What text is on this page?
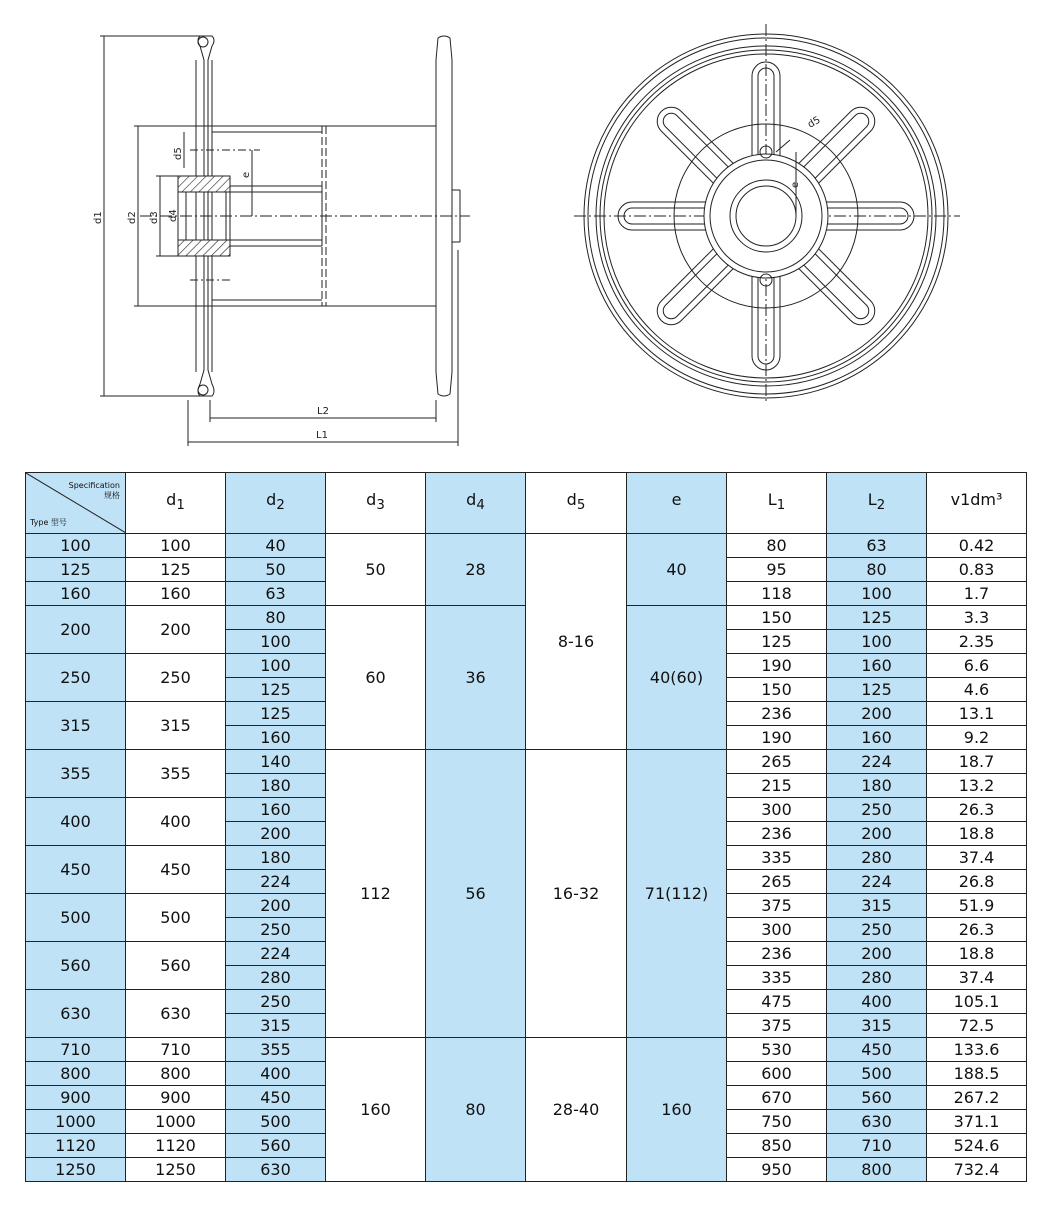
d1 d2 d3 d4
d5
e
L2
L1
d5
e
Specification
规格
Type 型号	$d_1$	$d_2$	$d_3$	$d_4$	$d_5$	e	$L_1$	$L_2$	v1dm³
100	100	40	50	28	8-16	40	80	63	0.42
125	125	50					95	80	0.83
160	160	63					118	100	1.7
200	200	80	60	36		40(60)	150	125	3.3
		100					125	100	2.35
250	250	100					190	160	6.6
		125					150	125	4.6
315	315	125					236	200	13.1
		160					190	160	9.2
355	355	140	112	56	16-32	71(112)	265	224	18.7
		180					215	180	13.2
400	400	160					300	250	26.3
		200					236	200	18.8
450	450	180					335	280	37.4
		224					265	224	26.8
500	500	200					375	315	51.9
		250					300	250	26.3
560	560	224					236	200	18.8
		280					335	280	37.4
630	630	250					475	400	105.1
		315					375	315	72.5
710	710	355	160	80	28-40	160	530	450	133.6
800	800	400					600	500	188.5
900	900	450					670	560	267.2
1000	1000	500					750	630	371.1
1120	1120	560					850	710	524.6
1250	1250	630					950	800	732.4
